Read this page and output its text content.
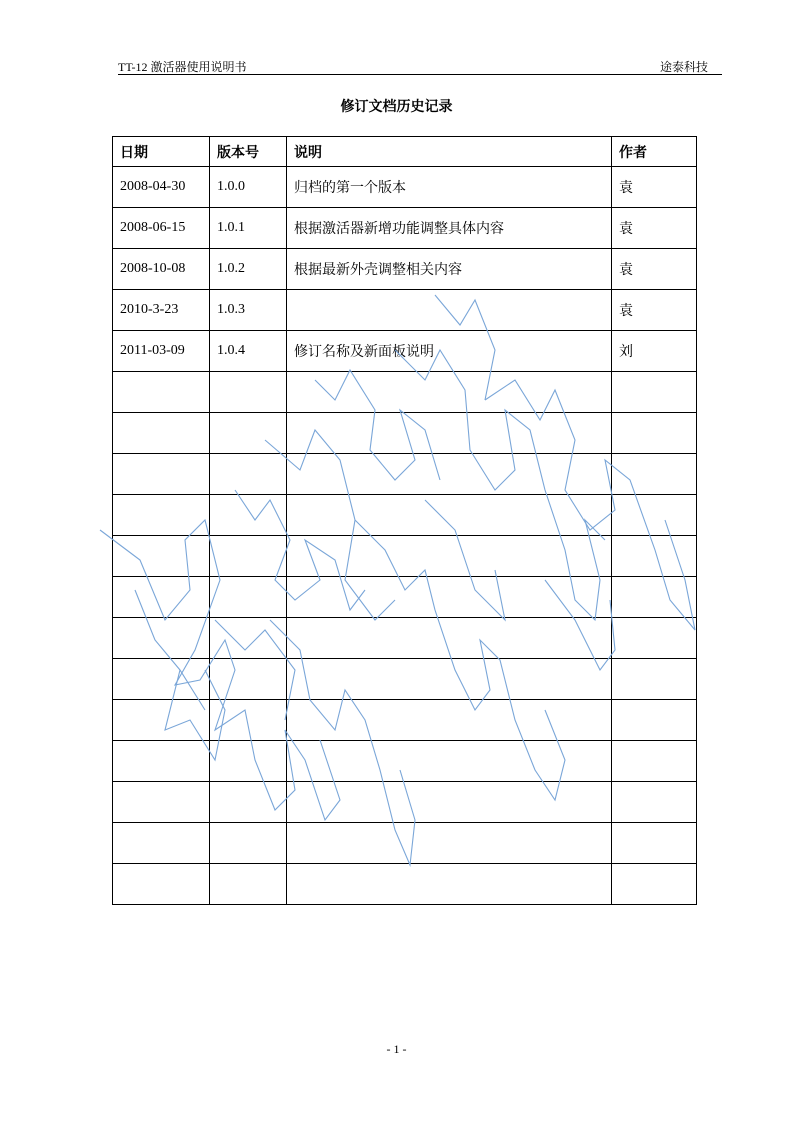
TT-12 激活器使用说明书	途泰科技
修订文档历史记录
日期	版本号	说明	作者
2008-04-30	1.0.0	归档的第一个版本	袁
2008-06-15	1.0.1	根据激活器新增功能调整具体内容	袁
2008-10-08	1.0.2	根据最新外壳调整相关内容	袁
2010-3-23	1.0.3		袁
2011-03-09	1.0.4	修订名称及新面板说明	刘

- 1 -
